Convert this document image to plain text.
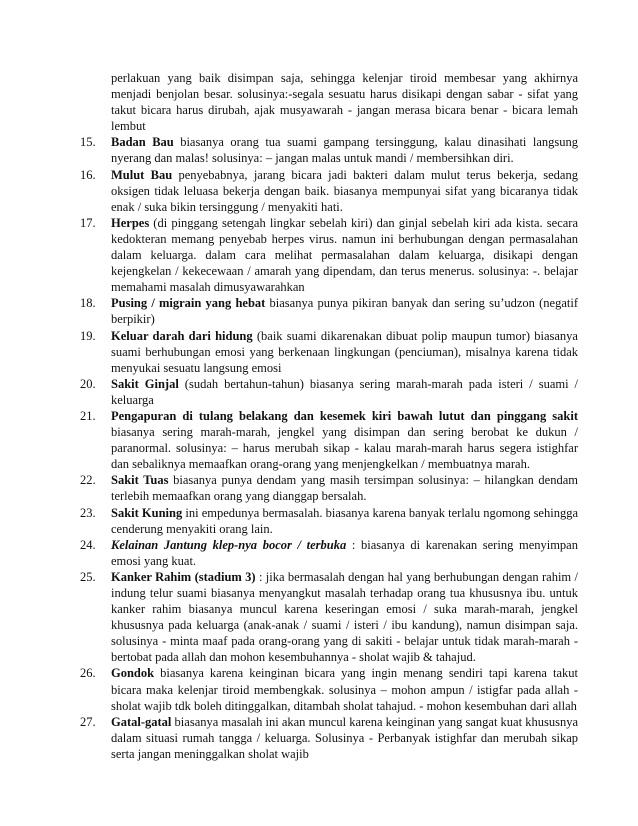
perlakuan yang baik disimpan saja, sehingga kelenjar tiroid membesar yang akhirnya menjadi benjolan besar. solusinya:-segala sesuatu harus disikapi dengan sabar - sifat yang takut bicara harus dirubah, ajak musyawarah - jangan merasa bicara benar - bicara lemah lembut
15.	Badan Bau biasanya orang tua suami gampang tersinggung, kalau dinasihati langsung nyerang dan malas! solusinya: – jangan malas untuk mandi / membersihkan diri.
16.	Mulut Bau penyebabnya, jarang bicara jadi bakteri dalam mulut terus bekerja, sedang oksigen tidak leluasa bekerja dengan baik. biasanya mempunyai sifat yang bicaranya tidak enak / suka bikin tersinggung / menyakiti hati.
17.	Herpes (di pinggang setengah lingkar sebelah kiri) dan ginjal sebelah kiri ada kista. secara kedokteran memang penyebab herpes virus. namun ini berhubungan dengan permasalahan dalam keluarga. dalam cara melihat permasalahan dalam keluarga, disikapi dengan kejengkelan / kekecewaan / amarah yang dipendam, dan terus menerus. solusinya: -. belajar memahami masalah dimusyawarahkan
18.	Pusing / migrain yang hebat biasanya punya pikiran banyak dan sering su’udzon (negatif berpikir)
19.	Keluar darah dari hidung (baik suami dikarenakan dibuat polip maupun tumor) biasanya suami berhubungan emosi yang berkenaan lingkungan (penciuman), misalnya karena tidak menyukai sesuatu langsung emosi
20.	Sakit Ginjal (sudah bertahun-tahun) biasanya sering marah-marah pada isteri / suami / keluarga
21.	Pengapuran di tulang belakang dan kesemek kiri bawah lutut dan pinggang sakit biasanya sering marah-marah, jengkel yang disimpan dan sering berobat ke dukun / paranormal. solusinya: – harus merubah sikap - kalau marah-marah harus segera istighfar dan sebaliknya memaafkan orang-orang yang menjengkelkan / membuatnya marah.
22.	Sakit Tuas biasanya punya dendam yang masih tersimpan solusinya: – hilangkan dendam terlebih memaafkan orang yang dianggap bersalah.
23.	Sakit Kuning ini empedunya bermasalah. biasanya karena banyak terlalu ngomong sehingga cenderung menyakiti orang lain.
24.	Kelainan Jantung klep-nya bocor / terbuka : biasanya di karenakan sering menyimpan emosi yang kuat.
25.	Kanker Rahim (stadium 3) : jika bermasalah dengan hal yang berhubungan dengan rahim / indung telur suami biasanya menyangkut masalah terhadap orang tua khususnya ibu. untuk kanker rahim biasanya muncul karena keseringan emosi / suka marah-marah, jengkel khususnya pada keluarga (anak-anak / suami / isteri / ibu kandung), namun disimpan saja. solusinya - minta maaf pada orang-orang yang di sakiti - belajar untuk tidak marah-marah - bertobat pada allah dan mohon kesembuhannya - sholat wajib & tahajud.
26.	Gondok biasanya karena keinginan bicara yang ingin menang sendiri tapi karena takut bicara maka kelenjar tiroid membengkak. solusinya – mohon ampun / istigfar pada allah - sholat wajib tdk boleh ditinggalkan, ditambah sholat tahajud. - mohon kesembuhan dari allah
27.	Gatal-gatal biasanya masalah ini akan muncul karena keinginan yang sangat kuat khususnya dalam situasi rumah tangga / keluarga. Solusinya - Perbanyak istighfar dan merubah sikap serta jangan meninggalkan sholat wajib
